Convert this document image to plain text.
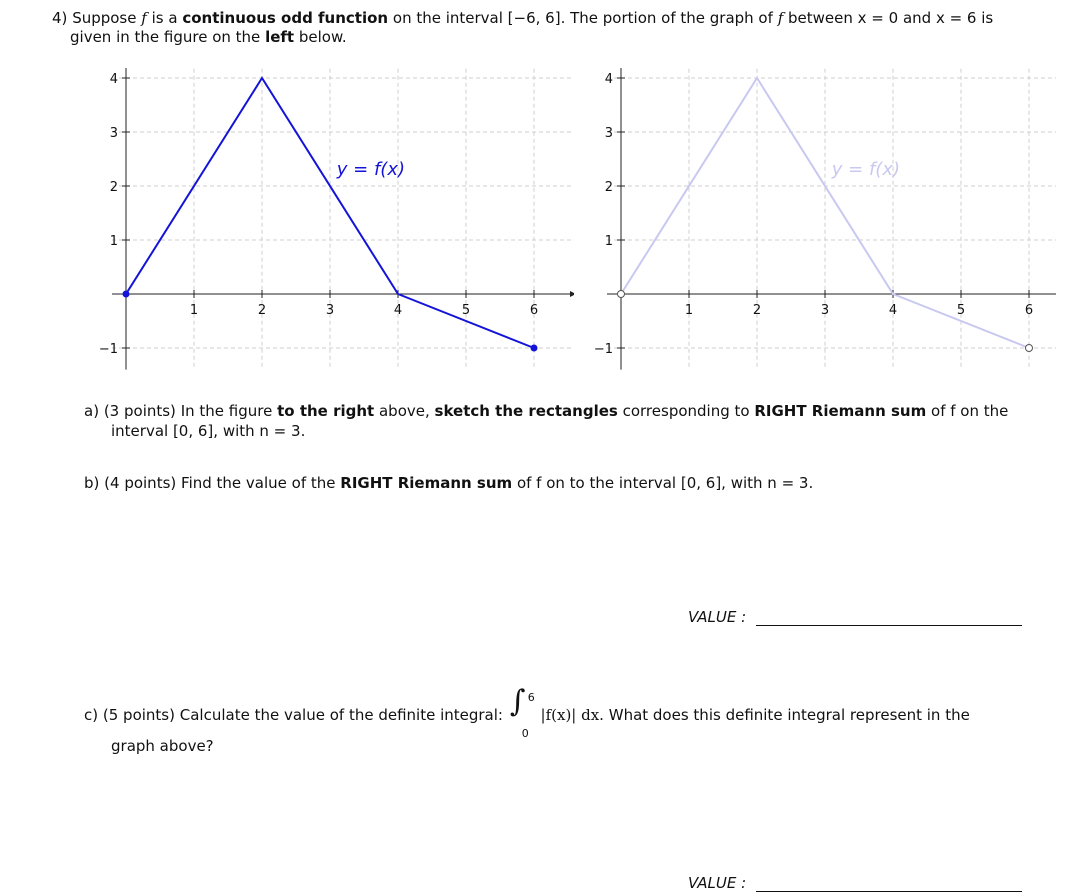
4) Suppose f is a continuous odd function on the interval [−6, 6]. The portion of the graph of f between x = 0 and x = 6 is
given in the figure on the left below.
1	2	3	4	5	6
4
3
2
1
−1
y = f(x)
1	2	3	4	5	6
4
3
2
1
−1
y = f(x)
a) (3 points) In the figure to the right above, sketch the rectangles corresponding to RIGHT Riemann sum of f on the
interval [0, 6], with n = 3.
b) (4 points) Find the value of the RIGHT Riemann sum of f on to the interval [0, 6], with n = 3.
VALUE :
c) (5 points) Calculate the value of the definite integral: ∫ 6
0
|f(x)| dx. What does this definite integral represent in the
graph above?
VALUE :
